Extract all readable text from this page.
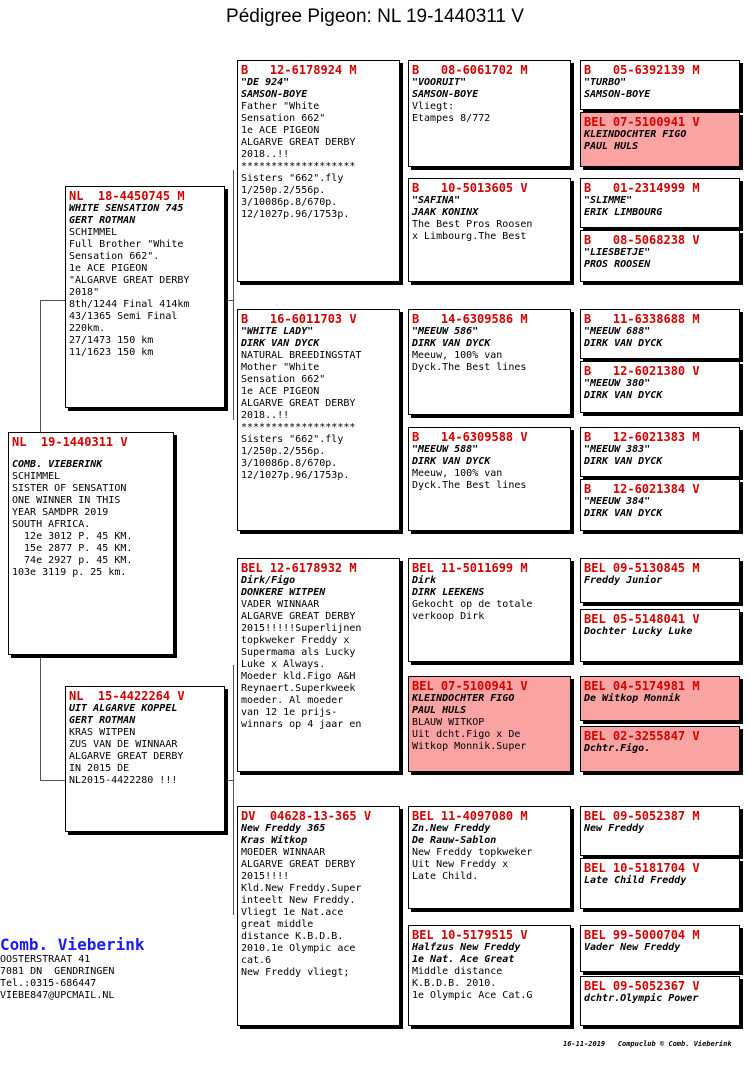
Pédigree Pigeon: NL 19-1440311 V
NL  19-1440311 V
COMB. VIEBERINK
SCHIMMEL
SISTER OF SENSATION
ONE WINNER IN THIS
YEAR SAMDPR 2019
SOUTH AFRICA.
12e 3012 P. 45 KM.
15e 2877 P. 45 KM.
74e 2927 p. 45 KM.
103e 3119 p. 25 km.
NL  18-4450745 M
WHITE SENSATION 745
GERT ROTMAN
SCHIMMEL
Full Brother "White
Sensation 662".
1e ACE PIGEON
"ALGARVE GREAT DERBY
2018"
8th/1244 Final 414km
43/1365 Semi Final
220km.
27/1473 150 km
11/1623 150 km
NL  15-4422264 V
UIT ALGARVE KOPPEL
GERT ROTMAN
KRAS WITPEN
ZUS VAN DE WINNAAR
ALGARVE GREAT DERBY
IN 2015 DE
NL2015-4422280 !!!
B   12-6178924 M
"DE 924"
SAMSON-BOYE
Father "White
Sensation 662"
1e ACE PIGEON
ALGARVE GREAT DERBY
2018..!!
*******************
Sisters "662".fly
1/250p.2/556p.
3/10086p.8/670p.
12/1027p.96/1753p.
B   16-6011703 V
"WHITE LADY"
DIRK VAN DYCK
NATURAL BREEDINGSTAT
Mother "White
Sensation 662"
1e ACE PIGEON
ALGARVE GREAT DERBY
2018..!!
*******************
Sisters "662".fly
1/250p.2/556p.
3/10086p.8/670p.
12/1027p.96/1753p.
BEL 12-6178932 M
Dirk/Figo
DONKERE WITPEN
VADER WINNAAR
ALGARVE GREAT DERBY
2015!!!!!Superlijnen
topkweker Freddy x
Supermama als Lucky
Luke x Always.
Moeder kld.Figo A&H
Reynaert.Superkweek
moeder. Al moeder
van 12 1e prijs-
winnars op 4 jaar en
DV  04628-13-365 V
New Freddy 365
Kras Witkop
MOEDER WINNAAR
ALGARVE GREAT DERBY
2015!!!!
Kld.New Freddy.Super
inteelt New Freddy.
Vliegt 1e Nat.ace
great middle
distance K.B.D.B.
2010.1e Olympic ace
cat.6
New Freddy vliegt;
B   08-6061702 M
"VOORUIT"
SAMSON-BOYE
Vliegt:
Etampes 8/772
B   10-5013605 V
"SAFINA"
JAAK KONINX
The Best Pros Roosen
x Limbourg.The Best
B   14-6309586 M
"MEEUW 586"
DIRK VAN DYCK
Meeuw, 100% van
Dyck.The Best lines
B   14-6309588 V
"MEEUW 588"
DIRK VAN DYCK
Meeuw, 100% van
Dyck.The Best lines
BEL 11-5011699 M
Dirk
DIRK LEEKENS
Gekocht op de totale
verkoop Dirk
BEL 07-5100941 V
KLEINDOCHTER FIGO
PAUL HULS
BLAUW WITKOP
Uit dcht.Figo x De
Witkop Monnik.Super
BEL 11-4097080 M
Zn.New Freddy
De Rauw-Sablon
New Freddy topkweker
Uit New Freddy x
Late Child.
BEL 10-5179515 V
Halfzus New Freddy
1e Nat. Ace Great
Middle distance
K.B.D.B. 2010.
1e Olympic Ace Cat.G
B   05-6392139 M
"TURBO"
SAMSON-BOYE
BEL 07-5100941 V
KLEINDOCHTER FIGO
PAUL HULS
B   01-2314999 M
"SLIMME"
ERIK LIMBOURG
B   08-5068238 V
"LIESBETJE"
PROS ROOSEN
B   11-6338688 M
"MEEUW 688"
DIRK VAN DYCK
B   12-6021380 V
"MEEUW 380"
DIRK VAN DYCK
B   12-6021383 M
"MEEUW 383"
DIRK VAN DYCK
B   12-6021384 V
"MEEUW 384"
DIRK VAN DYCK
BEL 09-5130845 M
Freddy Junior
BEL 05-5148041 V
Dochter Lucky Luke
BEL 04-5174981 M
De Witkop Monnik
BEL 02-3255847 V
Dchtr.Figo.
BEL 09-5052387 M
New Freddy
BEL 10-5181704 V
Late Child Freddy
BEL 99-5000704 M
Vader New Freddy
BEL 09-5052367 V
dchtr.Olympic Power
Comb. Vieberink
OOSTERSTRAAT 41
7081 DN  GENDRINGEN
Tel.:0315-686447
VIEBE847@UPCMAIL.NL
16-11-2019   Compuclub © Comb. Vieberink
